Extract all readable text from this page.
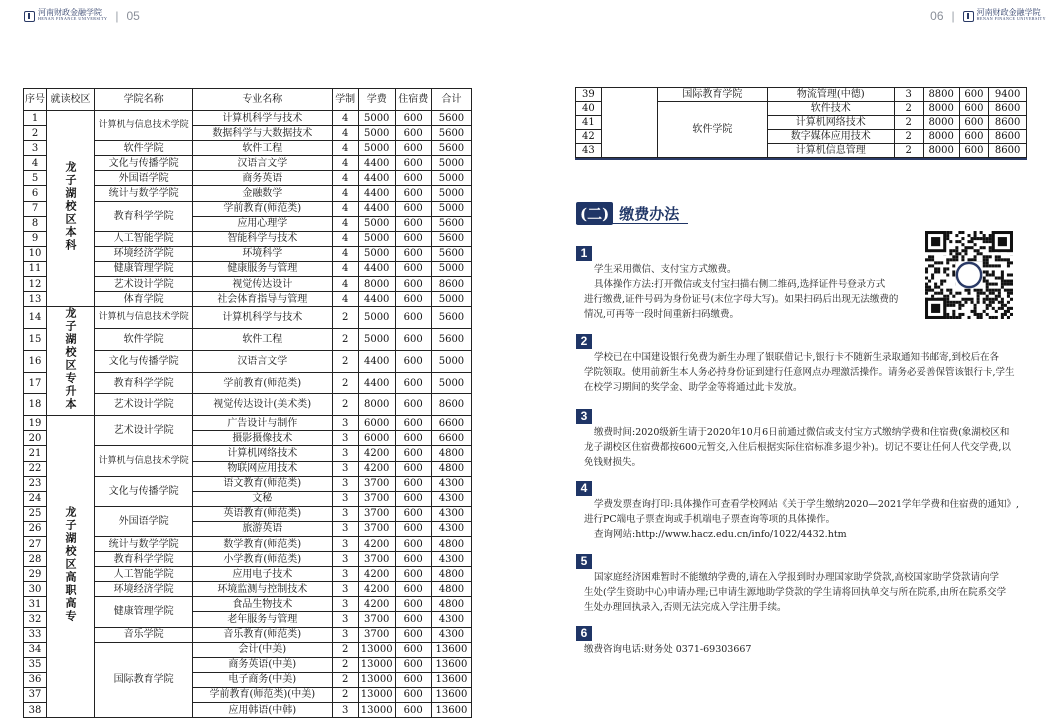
河南财政金融学院
HENAN FINANCE UNIVERSITY | 05	06 |	河南财政金融学院
HENAN FINANCE UNIVERSITY
序号	就读校区	学院名称	专业名称	学制	学费	住宿费	合计
1	龙子湖校区本科	计算机与信息技术学院	计算机科学与技术	4	5000	600	5600
2			数据科学与大数据技术	4	5000	600	5600
3		软件学院	软件工程	4	5000	600	5600
4		文化与传播学院	汉语言文学	4	4400	600	5000
5		外国语学院	商务英语	4	4400	600	5000
6		统计与数学学院	金融数学	4	4400	600	5000
7		教育科学学院	学前教育(师范类)	4	4400	600	5000
8			应用心理学	4	5000	600	5600
9		人工智能学院	智能科学与技术	4	5000	600	5600
10		环境经济学院	环境科学	4	5000	600	5600
11		健康管理学院	健康服务与管理	4	4400	600	5000
12		艺术设计学院	视觉传达设计	4	8000	600	8600
13		体育学院	社会体育指导与管理	4	4400	600	5000
14	龙子湖校区专升本	计算机与信息技术学院	计算机科学与技术	2	5000	600	5600
15		软件学院	软件工程	2	5000	600	5600
16		文化与传播学院	汉语言文学	2	4400	600	5000
17		教育科学学院	学前教育(师范类)	2	4400	600	5000
18		艺术设计学院	视觉传达设计(美术类)	2	8000	600	8600
19	龙子湖校区高职高专	艺术设计学院	广告设计与制作	3	6000	600	6600
20			摄影摄像技术	3	6000	600	6600
21		计算机与信息技术学院	计算机网络技术	3	4200	600	4800
22			物联网应用技术	3	4200	600	4800
23		文化与传播学院	语文教育(师范类)	3	3700	600	4300
24			文秘	3	3700	600	4300
25		外国语学院	英语教育(师范类)	3	3700	600	4300
26			旅游英语	3	3700	600	4300
27		统计与数学学院	数学教育(师范类)	3	4200	600	4800
28		教育科学学院	小学教育(师范类)	3	3700	600	4300
29		人工智能学院	应用电子技术	3	4200	600	4800
30		环境经济学院	环境监测与控制技术	3	4200	600	4800
31		健康管理学院	食品生物技术	3	4200	600	4800
32			老年服务与管理	3	3700	600	4300
33		音乐学院	音乐教育(师范类)	3	3700	600	4300
34		国际教育学院	会计(中美)	2	13000	600	13600
35			商务英语(中美)	2	13000	600	13600
36			电子商务(中美)	2	13000	600	13600
37			学前教育(师范类)(中美)	2	13000	600	13600
38			应用韩语(中韩)	3	13000	600	13600
39		国际教育学院	物流管理(中德)	3	8800	600	9400
40		软件学院	软件技术	2	8000	600	8600
41			计算机网络技术	2	8000	600	8600
42			数字媒体应用技术	2	8000	600	8600
43			计算机信息管理	2	8000	600	8600
(二) 缴费办法
1
学生采用微信、支付宝方式缴费。
具体操作方法:打开微信或支付宝扫描右侧二维码,选择证件号登录方式
进行缴费,证件号码为身份证号(末位字母大写)。如果扫码后出现无法缴费的
情况,可再等一段时间重新扫码缴费。
2
学校已在中国建设银行免费为新生办理了银联借记卡,银行卡不随新生录取通知书邮寄,到校后在各
学院领取。使用前新生本人务必持身份证到建行任意网点办理激活操作。请务必妥善保管该银行卡,学生
在校学习期间的奖学金、助学金等将通过此卡发放。
3
缴费时间:2020级新生请于2020年10月6日前通过微信或支付宝方式缴纳学费和住宿费(象湖校区和
龙子湖校区住宿费都按600元暂交,入住后根据实际住宿标准多退少补)。切记不要让任何人代交学费,以
免钱财损失。
4
学费发票查询打印:具体操作可查看学校网站《关于学生缴纳2020—2021学年学费和住宿费的通知》,
进行PC端电子票查询或手机端电子票查询等项的具体操作。
查询网站:http://www.hacz.edu.cn/info/1022/4432.htm
5
国家庭经济困难暂时不能缴纳学费的,请在入学报到时办理国家助学贷款,高校国家助学贷款请向学
生处(学生资助中心)申请办理;已申请生源地助学贷款的学生请将回执单交与所在院系,由所在院系交学
生处办理回执录入,否则无法完成入学注册手续。
6
缴费咨询电话:财务处 0371-69303667
